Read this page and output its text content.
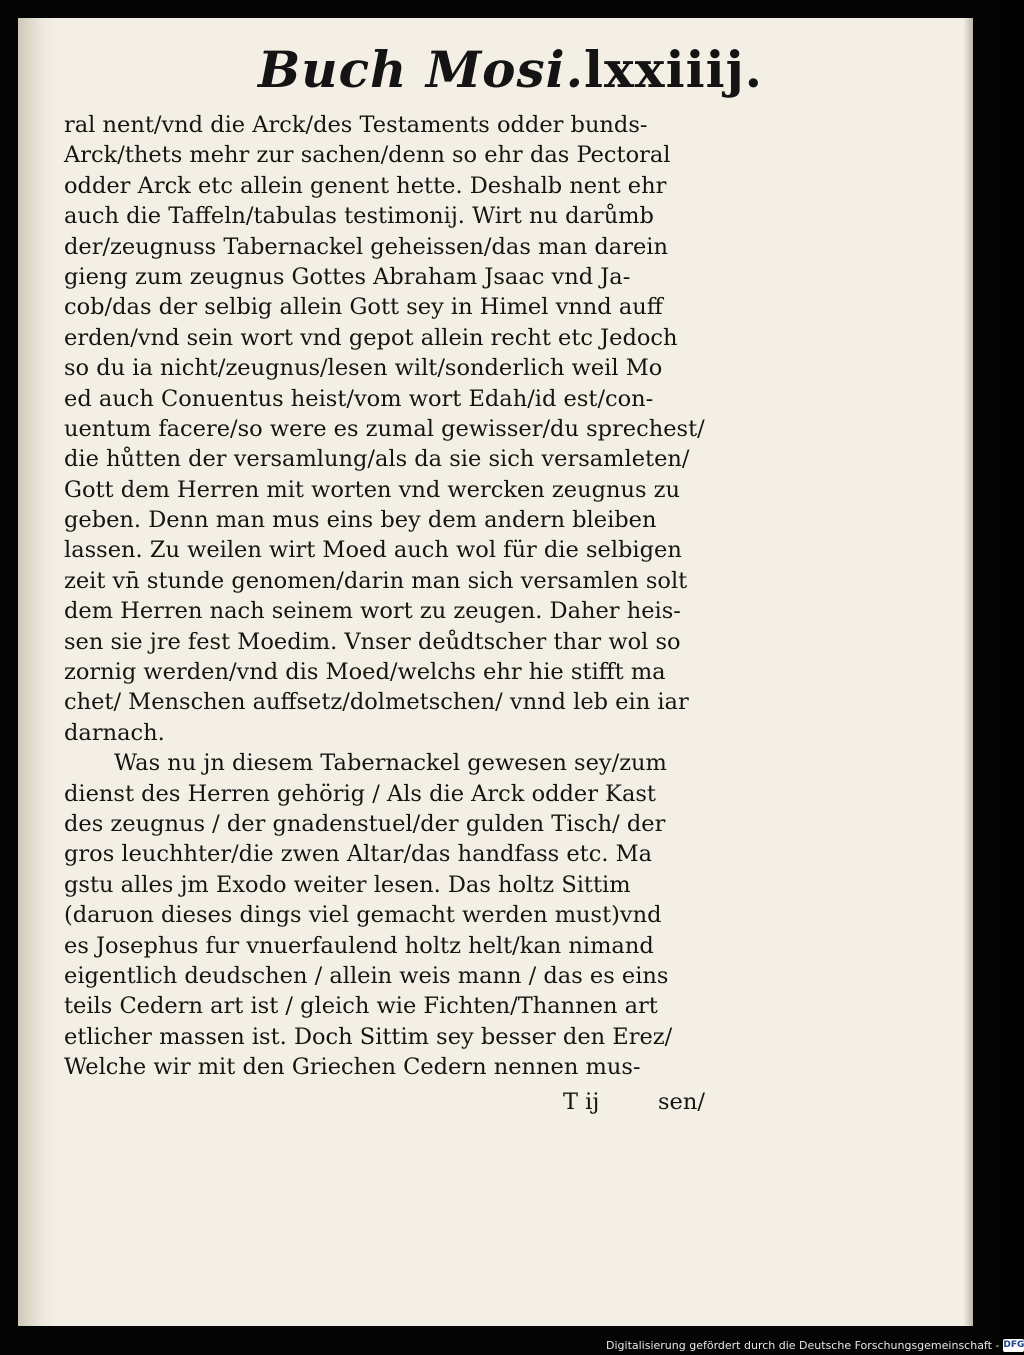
Buch Mosi. lxxiiij.
ral nent/vnd die Arck/des Testaments odder bunds-
Arck/thets mehr zur sachen/denn so ehr das Pectoral
odder Arck etc allein genent hette. Deshalb nent ehr
auch die Taffeln/tabulas testimonij. Wirt nu darůmb
der/zeugnuss Tabernackel geheissen/das man darein
gieng zum zeugnus Gottes Abraham Jsaac vnd Ja-
cob/das der selbig allein Gott sey in Himel vnnd auff
erden/vnd sein wort vnd gepot allein recht etc Jedoch
so du ia nicht/zeugnus/lesen wilt/sonderlich weil Mo
ed auch Conuentus heist/vom wort Edah/id est/con-
uentum facere/so were es zumal gewisser/du sprechest/
die hůtten der versamlung/als da sie sich versamleten/
Gott dem Herren mit worten vnd wercken zeugnus zu
geben. Denn man mus eins bey dem andern bleiben
lassen. Zu weilen wirt Moed auch wol für die selbigen
zeit vn̄ stunde genomen/darin man sich versamlen solt
dem Herren nach seinem wort zu zeugen. Daher heis-
sen sie jre fest Moedim. Vnser deůdtscher thar wol so
zornig werden/vnd dis Moed/welchs ehr hie stifft ma
chet/ Menschen auffsetz/dolmetschen/ vnnd leb ein iar
darnach.
Was nu jn diesem Tabernackel gewesen sey/zum
dienst des Herren gehörig / Als die Arck odder Kast
des zeugnus / der gnadenstuel/der gulden Tisch/ der
gros leuchhter/die zwen Altar/das handfass etc. Ma
gstu alles jm Exodo weiter lesen. Das holtz Sittim
(daruon dieses dings viel gemacht werden must)vnd
es Josephus fur vnuerfaulend holtz helt/kan nimand
eigentlich deudschen / allein weis mann / das es eins
teils Cedern art ist / gleich wie Fichten/Thannen art
etlicher massen ist. Doch Sittim sey besser den Erez/
Welche wir mit den Griechen Cedern nennen mus-
T ij	sen/
Digitalisierung gefördert durch die Deutsche Forschungsgemeinschaft - DFG
